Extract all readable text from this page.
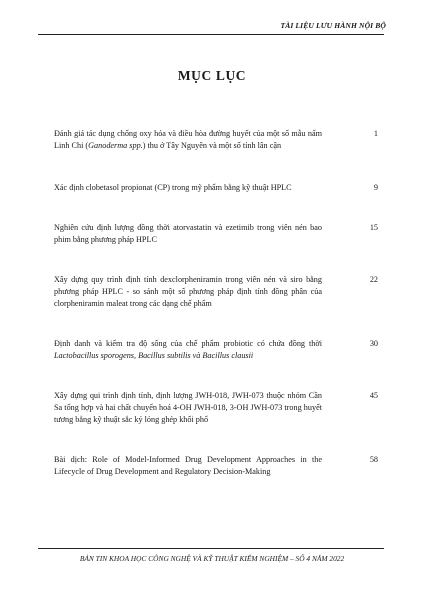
TÀI LIỆU LƯU HÀNH NỘI BỘ
MỤC LỤC
Đánh giá tác dụng chống oxy hóa và điều hòa đường huyết của một số mẫu nấm Linh Chi (Ganoderma spp.) thu ở Tây Nguyên và một số tỉnh lân cận
1
Xác định clobetasol propionat (CP) trong mỹ phẩm bằng kỹ thuật HPLC	9
Nghiên cứu định lượng đồng thời atorvastatin và ezetimib trong viên nén bao phim bằng phương pháp HPLC
15
Xây dựng quy trình định tính dexclorpheniramin trong viên nén và siro bằng phương pháp HPLC - so sánh một số phương pháp định tính đồng phân của clorpheniramin maleat trong các dạng chế phẩm
22
Định danh và kiểm tra độ sống của chế phẩm probiotic có chứa đồng thời Lactobacillus sporogens, Bacillus subtilis và Bacillus clausii
30
Xây dựng qui trình định tính, định lượng JWH-018, JWH-073 thuộc nhóm Cần Sa tổng hợp và hai chất chuyển hoá 4-OH JWH-018, 3-OH JWH-073 trong huyết tương bằng kỹ thuật sắc ký lỏng ghép khối phổ
45
Bài dịch: Role of Model-Informed Drug Development Approaches in the Lifecycle of Drug Development and Regulatory Decision-Making
58
BẢN TIN KHOA HỌC CÔNG NGHỆ VÀ KỸ THUẬT KIỂM NGHIỆM – SỐ 4 NĂM 2022
